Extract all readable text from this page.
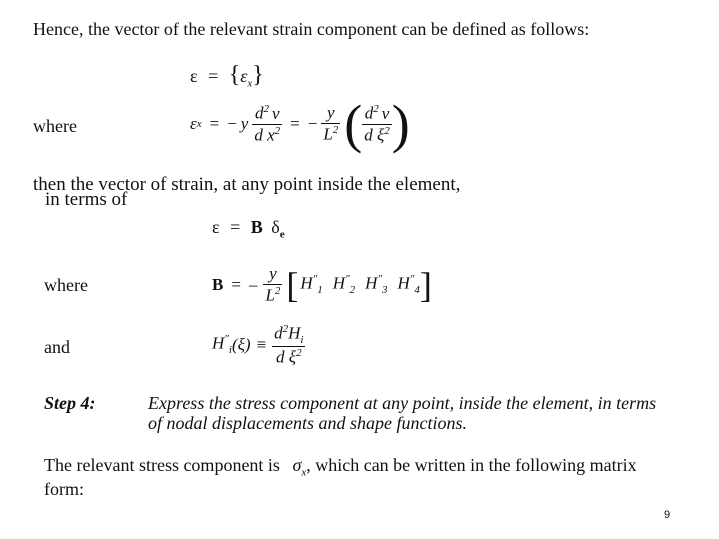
Hence, the vector of the relevant strain component can be defined as follows:
$\varepsilon = \{\varepsilon_x\}$
where	ε x = − y $\frac{d^2 v}{d x^2}$ = − $\frac{y}{L^2}$ ( $\frac{d^2 v}{d \xi^2}$ )
then the vector of strain, at any point inside the element,
in terms of
ε = B $\delta_e$
where	B = – $\frac{y}{L^2}$ [ $H''_1$ $H''_2$ $H''_3$ $H''_4$ ]
and	$H''_i$ $(\xi) \equiv \frac{d^2H_i}{d \xi^2}$
Step 4:	Express the stress component at any point, inside the element, in terms
of nodal displacements and shape functions.
The relevant stress component is $\sigma_x$, which can be written in the following matrix
form:
9
